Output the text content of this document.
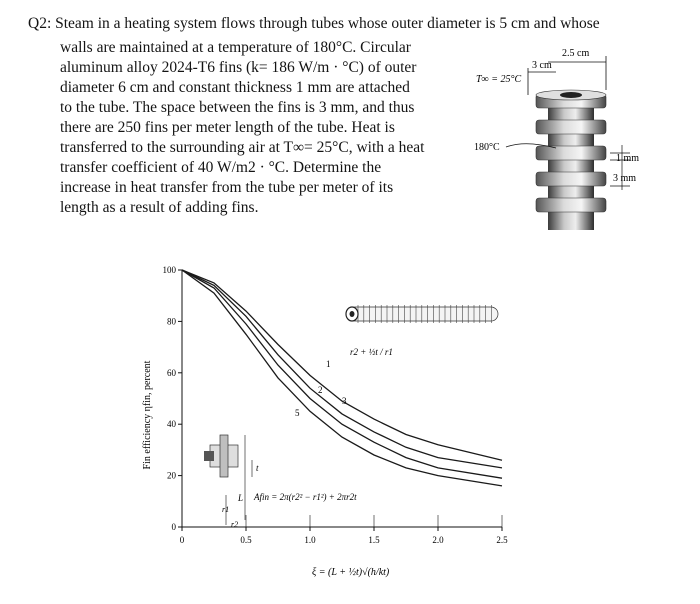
Q2: Steam in a heating system flows through tubes whose outer diameter is 5 cm and whose
walls are maintained at a temperature of 180°C. Circular
aluminum alloy 2024-T6 fins (k= 186 W/m · °C) of outer
diameter 6 cm and constant thickness 1 mm are attached
to the tube. The space between the fins is 3 mm, and thus
there are 250 fins per meter length of the tube. Heat is
transferred to the surrounding air at T∞= 25°C, with a heat
transfer coefficient of 40 W/m2 · °C. Determine the
increase in heat transfer from the tube per meter of its
length as a result of adding fins.
2.5 cm
3 cm
T∞ = 25°C
180°C
1 mm
3 mm
Fin efficiency ηfin, percent
0
20
40
60
80
100
0	0.5	1.0	1.5	2.0	2.5
r2 + ½t / r1
1
2
3
5
t
L
r1
r2
Afin = 2π(r2² − r1²) + 2πr2t
ξ = (L + ½t)√(h/kt)
